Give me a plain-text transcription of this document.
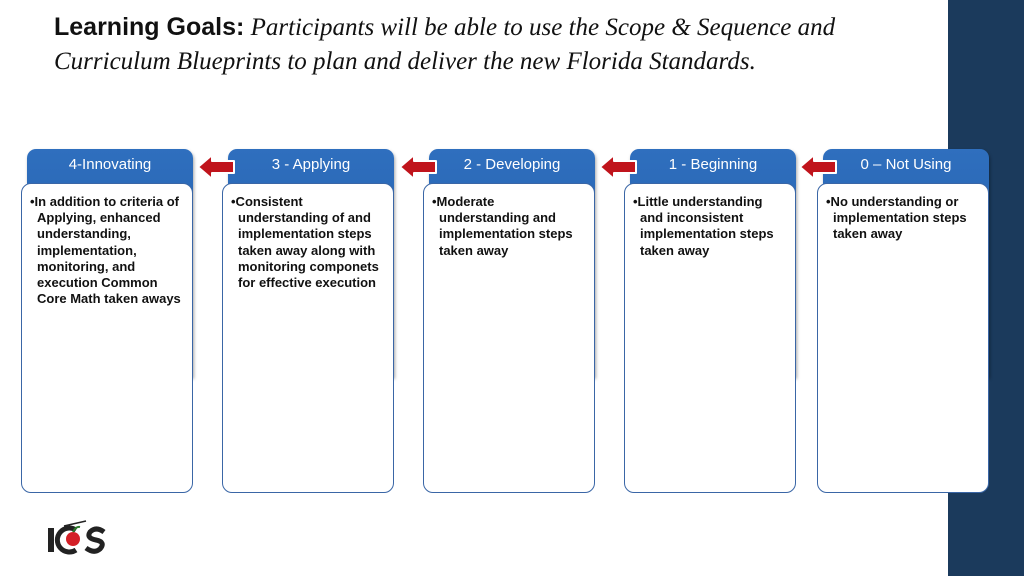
Learning Goals: Participants will be able to use the Scope & Sequence and Curriculum Blueprints to plan and deliver the new Florida Standards.
4-Innovating
•In addition to criteria of Applying, enhanced understanding, implementation, monitoring, and execution Common Core Math taken aways
3 - Applying
•Consistent understanding of and implementation steps taken away along with monitoring componets for effective execution
2 - Developing
•Moderate understanding and implementation steps taken away
1 - Beginning
•Little understanding and inconsistent implementation steps taken away
0 – Not Using
•No understanding or implementation steps taken away
